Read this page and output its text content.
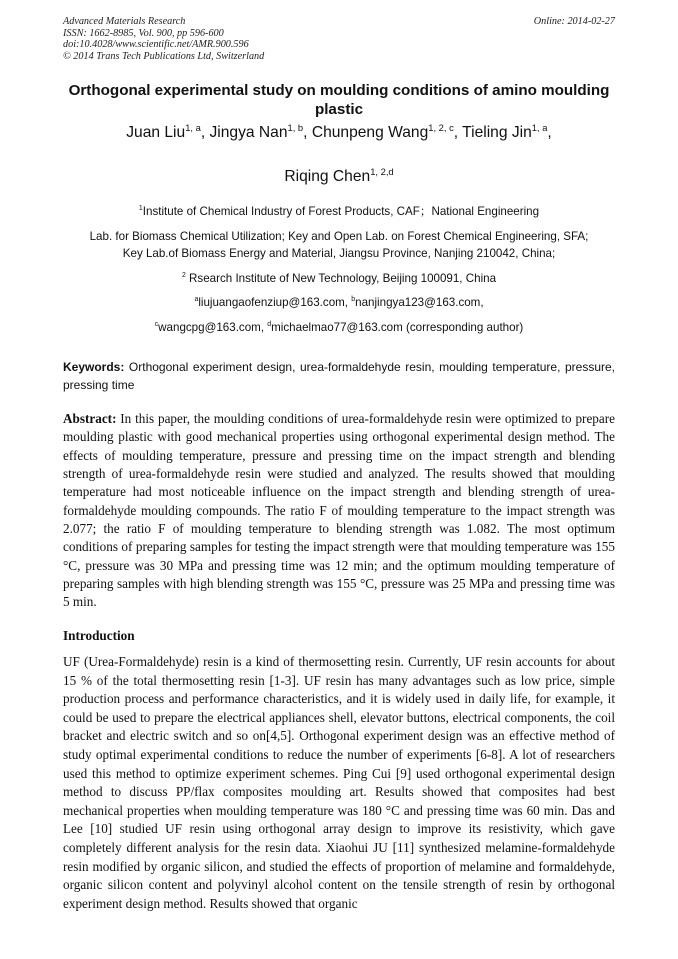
Advanced Materials Research
ISSN: 1662-8985, Vol. 900, pp 596-600
doi:10.4028/www.scientific.net/AMR.900.596
© 2014 Trans Tech Publications Ltd, Switzerland
Online: 2014-02-27
Orthogonal experimental study on moulding conditions of amino moulding plastic
Juan Liu$^{1, a}$, Jingya Nan$^{1, b}$, Chunpeng Wang$^{1, 2, c}$, Tieling Jin$^{1, a}$,
Riqing Chen$^{1, 2,d}$
$^1$Institute of Chemical Industry of Forest Products, CAF；National Engineering
Lab. for Biomass Chemical Utilization; Key and Open Lab. on Forest Chemical Engineering, SFA;
Key Lab.of Biomass Energy and Material, Jiangsu Province, Nanjing 210042, China;
$^2$ Rsearch Institute of New Technology, Beijing 100091, China
$^a$liujuangaofenziup@163.com, $^b$nanjingya123@163.com,
$^c$wangcpg@163.com, $^d$michaelmao77@163.com (corresponding author)
Keywords: Orthogonal experiment design, urea-formaldehyde resin, moulding temperature, pressure, pressing time
Abstract: In this paper, the moulding conditions of urea-formaldehyde resin were optimized to prepare moulding plastic with good mechanical properties using orthogonal experimental design method. The effects of moulding temperature, pressure and pressing time on the impact strength and blending strength of urea-formaldehyde resin were studied and analyzed. The results showed that moulding temperature had most noticeable influence on the impact strength and blending strength of urea-formaldehyde moulding compounds. The ratio F of moulding temperature to the impact strength was 2.077; the ratio F of moulding temperature to blending strength was 1.082. The most optimum conditions of preparing samples for testing the impact strength were that moulding temperature was 155 °C, pressure was 30 MPa and pressing time was 12 min; and the optimum moulding temperature of preparing samples with high blending strength was 155 °C, pressure was 25 MPa and pressing time was 5 min.
Introduction
UF (Urea-Formaldehyde) resin is a kind of thermosetting resin. Currently, UF resin accounts for about 15 % of the total thermosetting resin [1-3]. UF resin has many advantages such as low price, simple production process and performance characteristics, and it is widely used in daily life, for example, it could be used to prepare the electrical appliances shell, elevator buttons, electrical components, the coil bracket and electric switch and so on[4,5]. Orthogonal experiment design was an effective method of study optimal experimental conditions to reduce the number of experiments [6-8]. A lot of researchers used this method to optimize experiment schemes. Ping Cui [9] used orthogonal experimental design method to discuss PP/flax composites moulding art. Results showed that composites had best mechanical properties when moulding temperature was 180 °C and pressing time was 60 min. Das and Lee [10] studied UF resin using orthogonal array design to improve its resistivity, which gave completely different analysis for the resin data. Xiaohui JU [11] synthesized melamine-formaldehyde resin modified by organic silicon, and studied the effects of proportion of melamine and formaldehyde, organic silicon content and polyvinyl alcohol content on the tensile strength of resin by orthogonal experiment design method. Results showed that organic
